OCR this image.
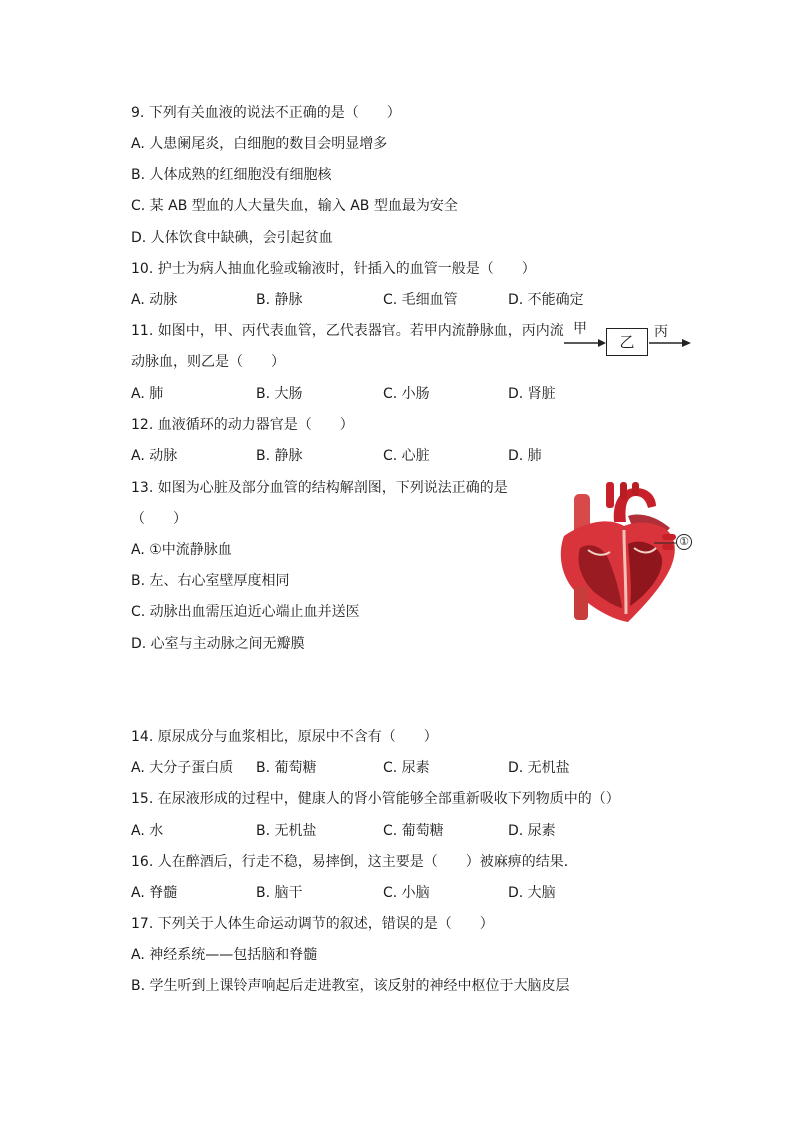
9. 下列有关血液的说法不正确的是（　　）
A. 人患阑尾炎，白细胞的数目会明显增多
B. 人体成熟的红细胞没有细胞核
C. 某 AB 型血的人大量失血，输入 AB 型血最为安全
D. 人体饮食中缺碘，会引起贫血
10. 护士为病人抽血化验或输液时，针插入的血管一般是（　　）
A. 动脉	B. 静脉	C. 毛细血管	D. 不能确定
11. 如图中，甲、丙代表血管，乙代表器官。若甲内流静脉血，丙内流
动脉血，则乙是（　　）
A. 肺	B. 大肠	C. 小肠	D. 肾脏
甲	丙
乙
12. 血液循环的动力器官是（　　）
A. 动脉	B. 静脉	C. 心脏	D. 肺
13. 如图为心脏及部分血管的结构解剖图，下列说法正确的是
（　　）
A. ①中流静脉血
B. 左、右心室壁厚度相同
C. 动脉出血需压迫近心端止血并送医
D. 心室与主动脉之间无瓣膜
①
14. 原尿成分与血浆相比，原尿中不含有（　　）
A. 大分子蛋白质 B. 葡萄糖	C. 尿素	D. 无机盐
15. 在尿液形成的过程中，健康人的肾小管能够全部重新吸收下列物质中的（）
A. 水	B. 无机盐	C. 葡萄糖	D. 尿素
16. 人在醉酒后，行走不稳，易摔倒，这主要是（　　）被麻痹的结果．
A. 脊髓	B. 脑干	C. 小脑	D. 大脑
17. 下列关于人体生命运动调节的叙述，错误的是（　　）
A. 神经系统——包括脑和脊髓
B. 学生听到上课铃声响起后走进教室，该反射的神经中枢位于大脑皮层
